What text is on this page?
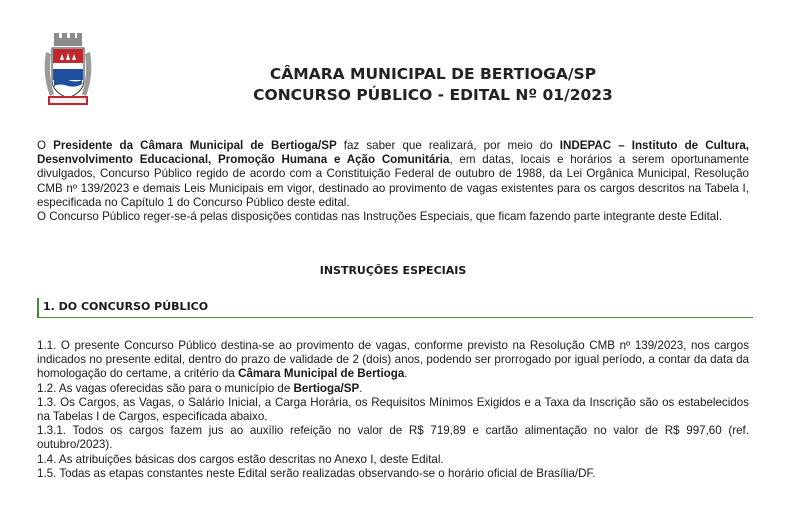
CÂMARA MUNICIPAL DE BERTIOGA/SP
CONCURSO PÚBLICO - EDITAL Nº 01/2023

O Presidente da Câmara Municipal de Bertioga/SP faz saber que realizará, por meio do INDEPAC – Instituto de Cultura, Desenvolvimento Educacional, Promoção Humana e Ação Comunitária, em datas, locais e horários a serem oportunamente divulgados, Concurso Público regido de acordo com a Constituição Federal de outubro de 1988, da Lei Orgânica Municipal, Resolução CMB nº 139/2023 e demais Leis Municipais em vigor, destinado ao provimento de vagas existentes para os cargos descritos na Tabela I, especificada no Capítulo 1 do Concurso Público deste edital.

O Concurso Público reger-se-á pelas disposições contidas nas Instruções Especiais, que ficam fazendo parte integrante deste Edital.

INSTRUÇÕES ESPECIAIS
1. DO CONCURSO PÚBLICO

1.1. O presente Concurso Público destina-se ao provimento de vagas, conforme previsto na Resolução CMB nº 139/2023, nos cargos indicados no presente edital, dentro do prazo de validade de 2 (dois) anos, podendo ser prorrogado por igual período, a contar da data da homologação do certame, a critério da Câmara Municipal de Bertioga.

1.2. As vagas oferecidas são para o município de Bertioga/SP.

1.3. Os Cargos, as Vagas, o Salário Inicial, a Carga Horária, os Requisitos Mínimos Exigidos e a Taxa da Inscrição são os estabelecidos na Tabelas I de Cargos, especificada abaixo.

1.3.1. Todos os cargos fazem jus ao auxílio refeição no valor de R$ 719,89 e cartão alimentação no valor de R$ 997,60 (ref. outubro/2023).

1.4. As atribuições básicas dos cargos estão descritas no Anexo I, deste Edital.

1.5. Todas as etapas constantes neste Edital serão realizadas observando-se o horário oficial de Brasília/DF.
